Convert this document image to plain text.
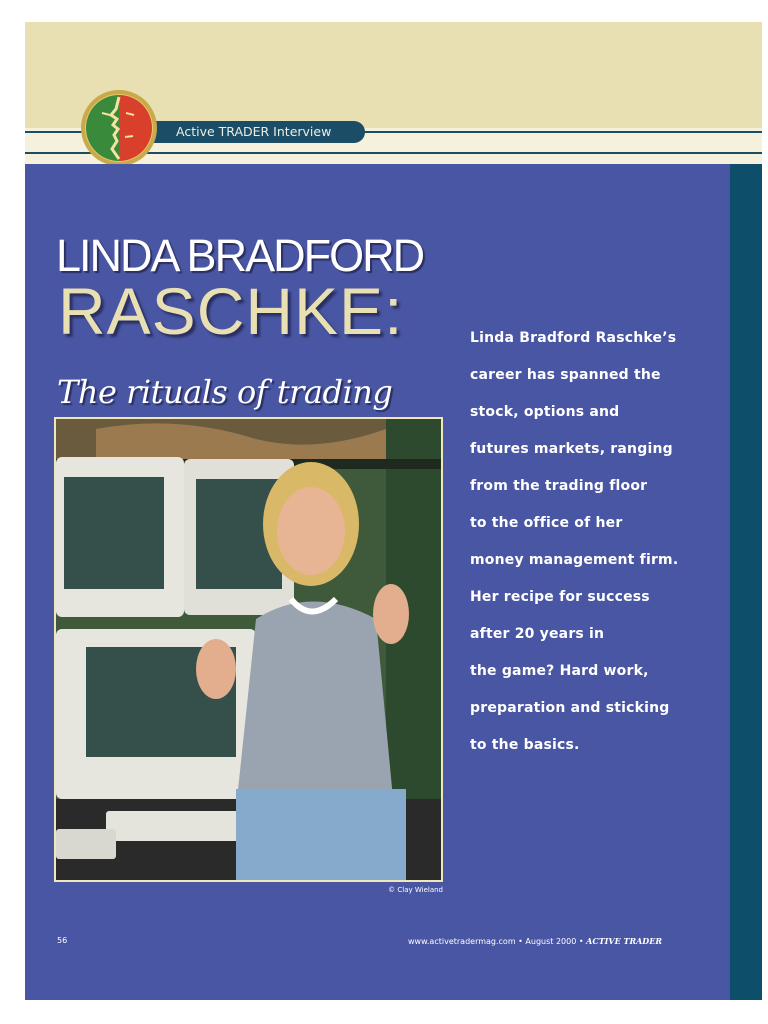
Active TRADER Interview
LINDA BRADFORD
RASCHKE:
The rituals of trading
© Clay Wieland

Linda Bradford Raschke’s
career has spanned the
stock, options and
futures markets, ranging
from the trading floor
to the office of her
money management firm.
Her recipe for success
after 20 years in
the game? Hard work,
preparation and sticking
to the basics.

56	www.activetradermag.com • August 2000 • ACTIVE TRADER
